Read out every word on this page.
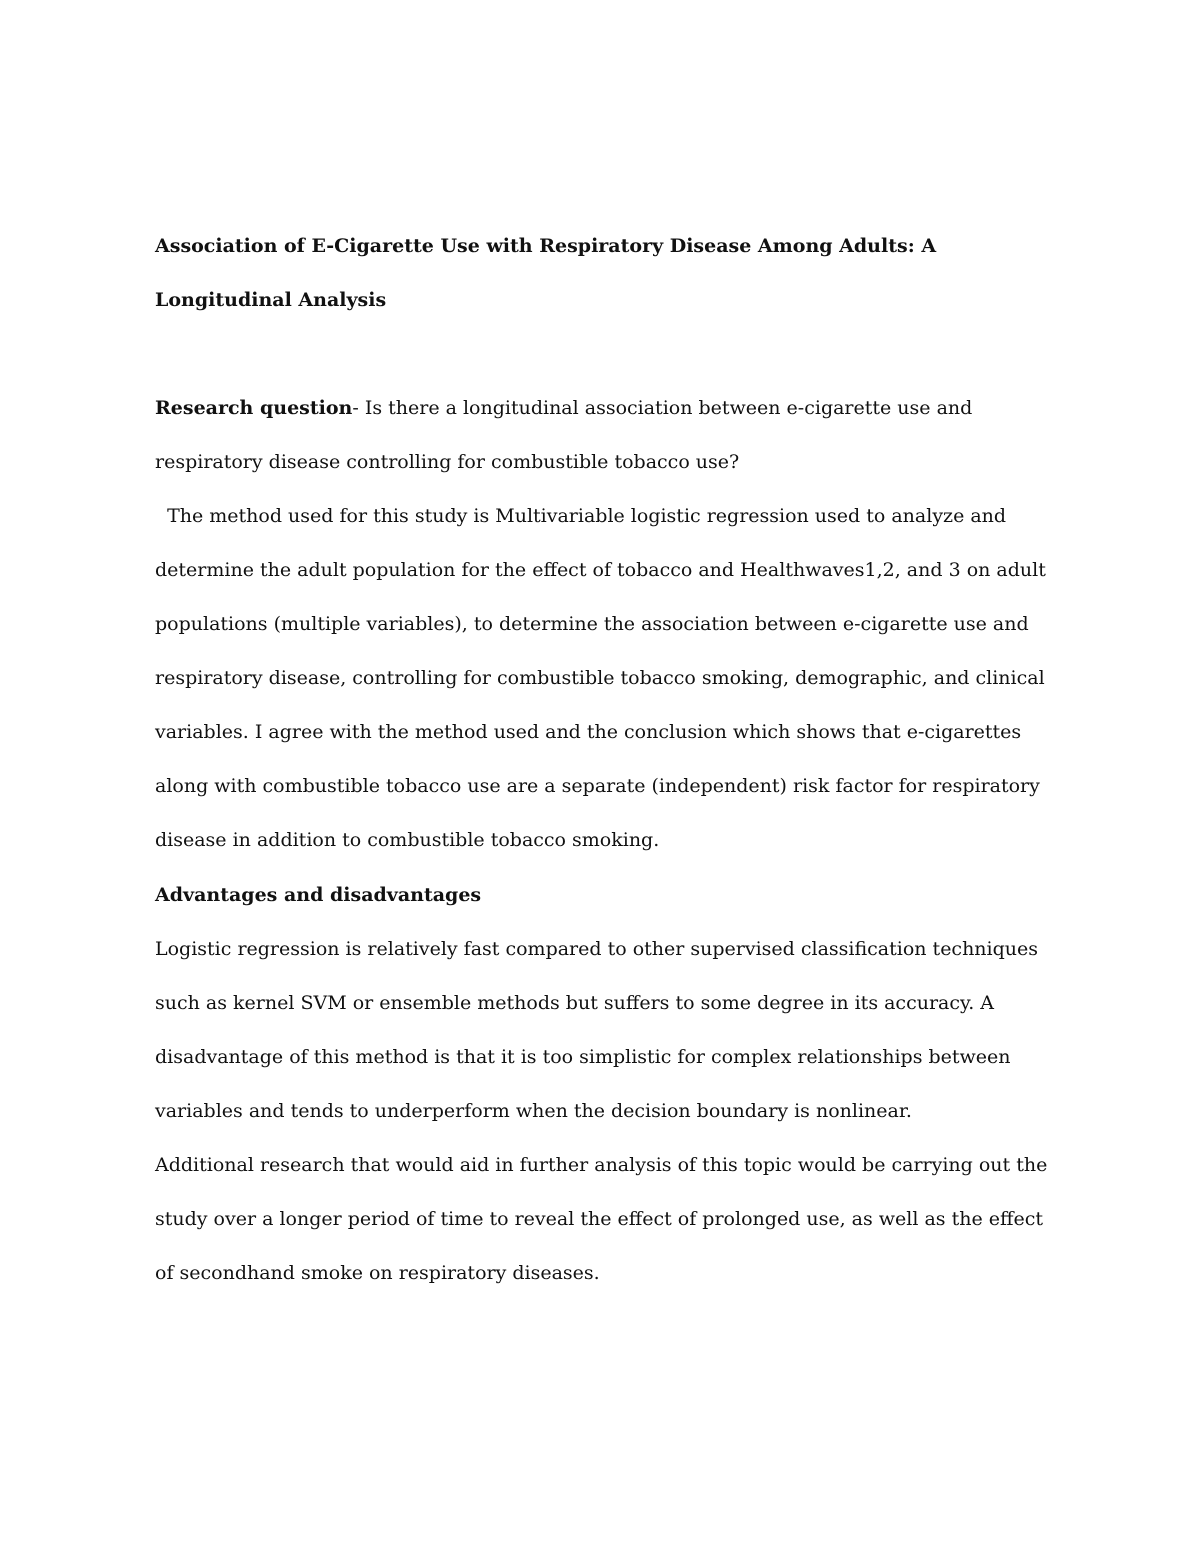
Association of E-Cigarette Use with Respiratory Disease Among Adults: A Longitudinal Analysis
Research question- Is there a longitudinal association between e-cigarette use and respiratory disease controlling for combustible tobacco use?
The method used for this study is Multivariable logistic regression used to analyze and determine the adult population for the effect of tobacco and Healthwaves1,2, and 3 on adult populations (multiple variables), to determine the association between e-cigarette use and respiratory disease, controlling for combustible tobacco smoking, demographic, and clinical variables. I agree with the method used and the conclusion which shows that e-cigarettes along with combustible tobacco use are a separate (independent) risk factor for respiratory disease in addition to combustible tobacco smoking.
Advantages and disadvantages
Logistic regression is relatively fast compared to other supervised classification techniques such as kernel SVM or ensemble methods but suffers to some degree in its accuracy. A disadvantage of this method is that it is too simplistic for complex relationships between variables and tends to underperform when the decision boundary is nonlinear.
Additional research that would aid in further analysis of this topic would be carrying out the study over a longer period of time to reveal the effect of prolonged use, as well as the effect of secondhand smoke on respiratory diseases.
